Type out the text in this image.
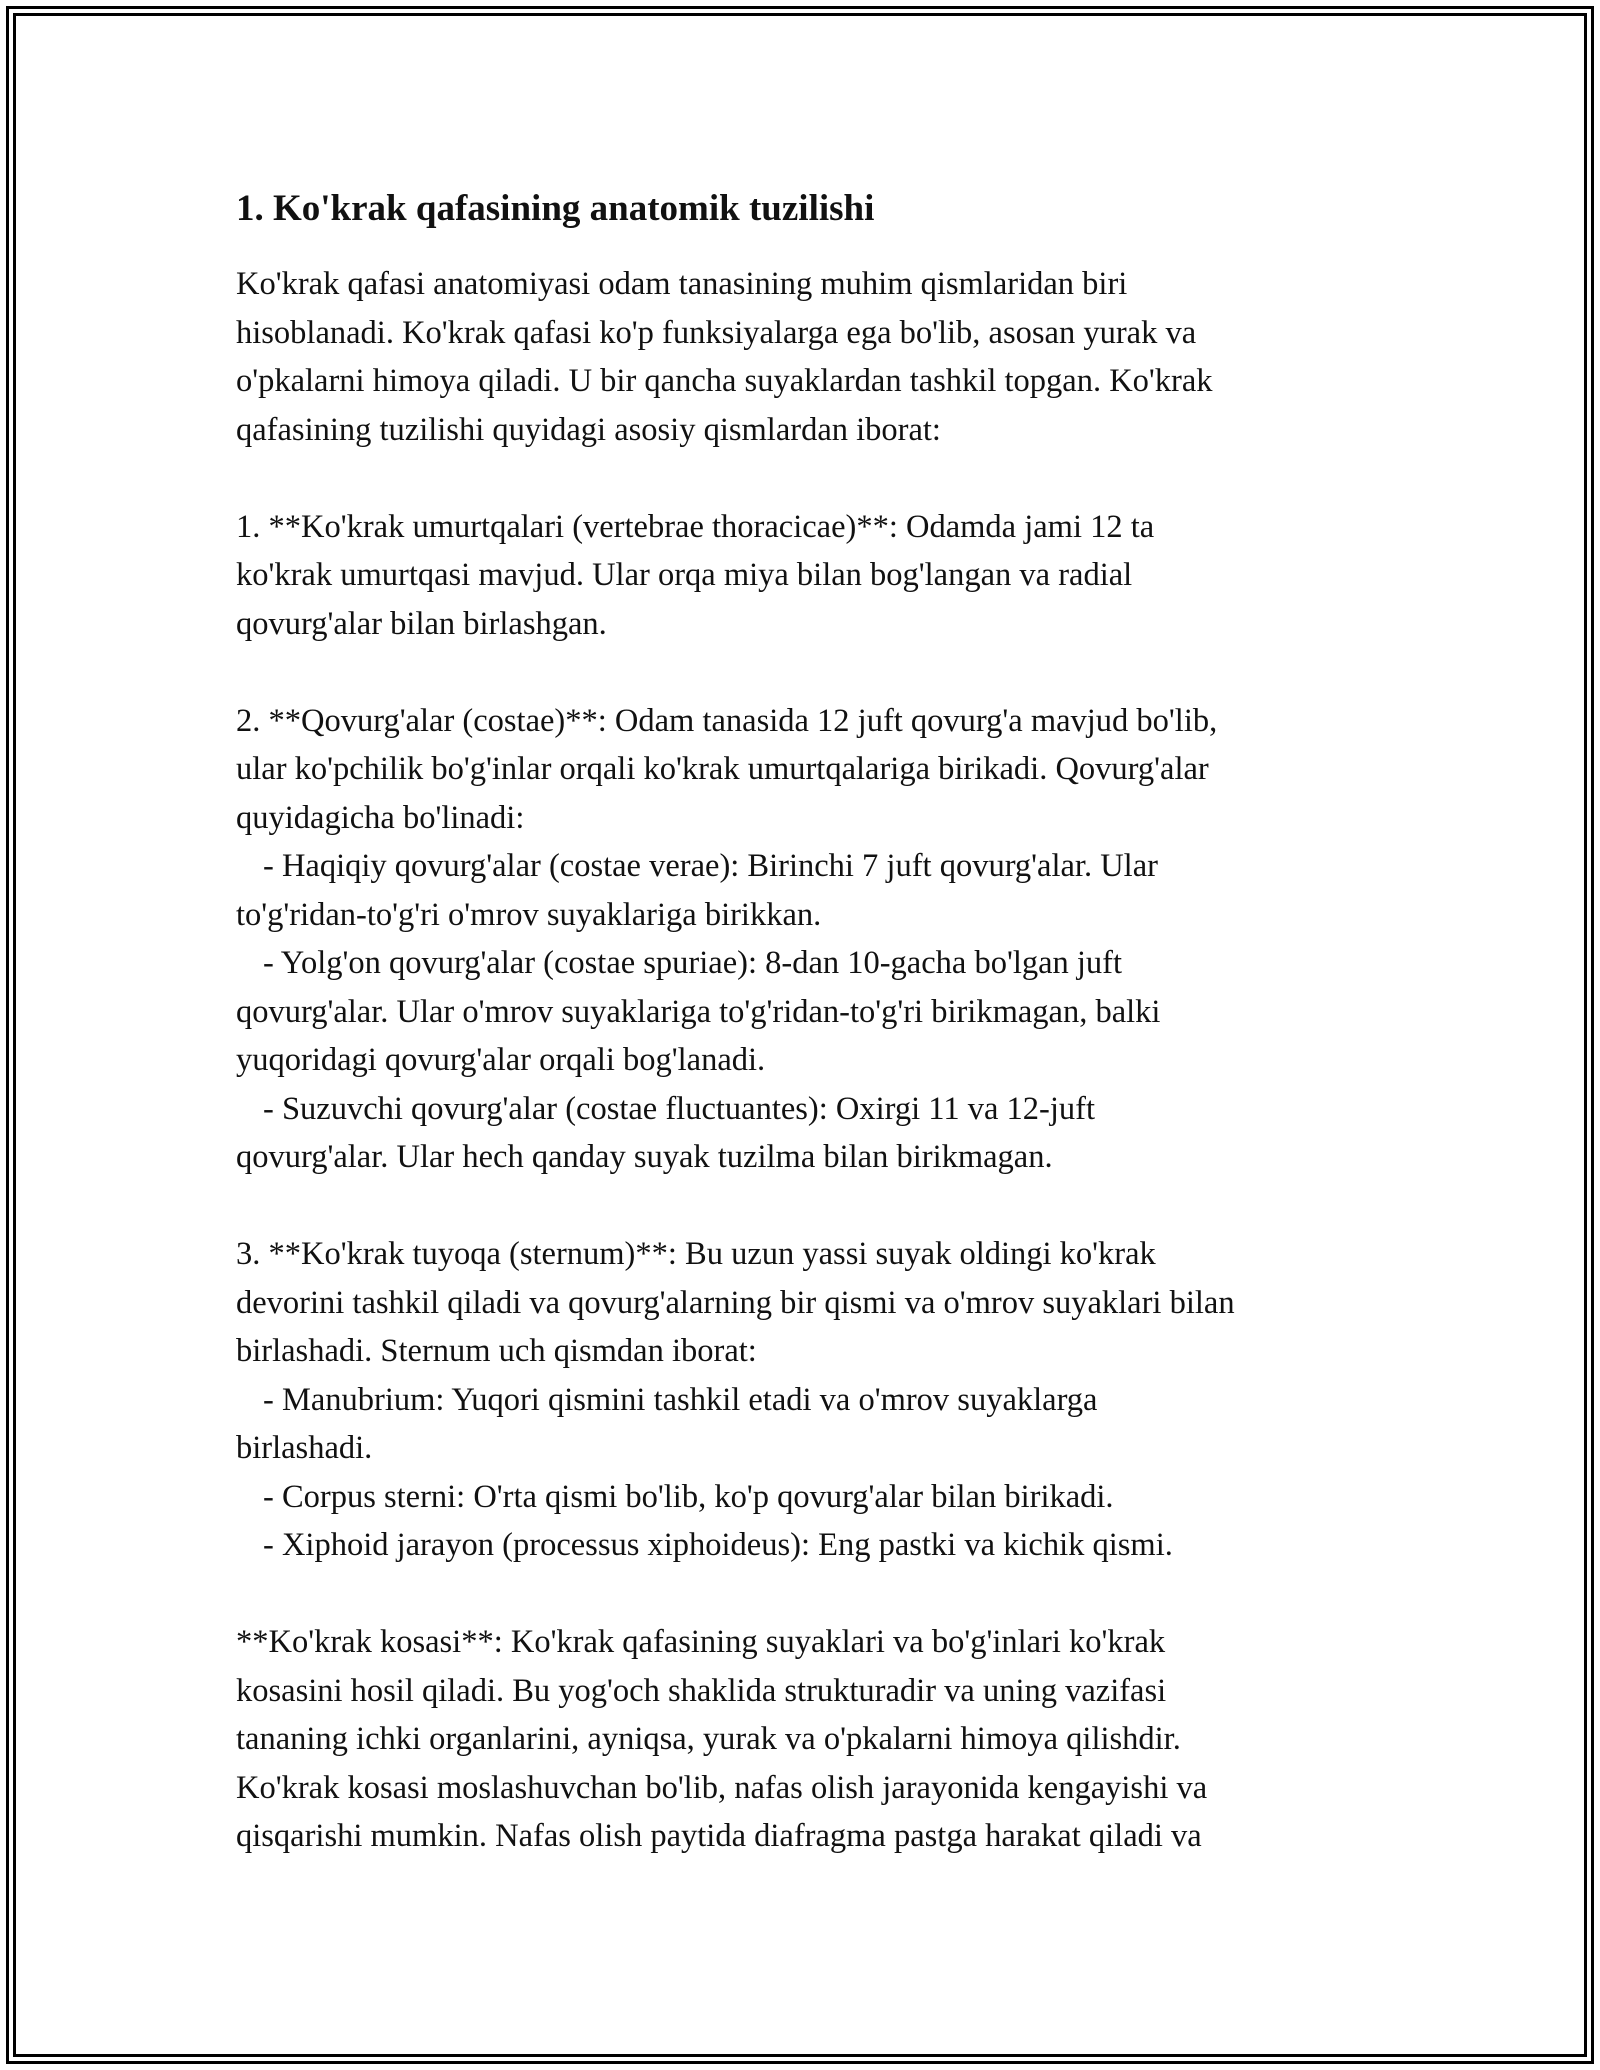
1. Ko'krak qafasining anatomik tuzilishi

Ko'krak qafasi anatomiyasi odam tanasining muhim qismlaridan biri

hisoblanadi. Ko'krak qafasi ko'p funksiyalarga ega bo'lib, asosan yurak va

o'pkalarni himoya qiladi. U bir qancha suyaklardan tashkil topgan. Ko'krak

qafasining tuzilishi quyidagi asosiy qismlardan iborat:

1. **Ko'krak umurtqalari (vertebrae thoracicae)**: Odamda jami 12 ta

ko'krak umurtqasi mavjud. Ular orqa miya bilan bog'langan va radial

qovurg'alar bilan birlashgan.

2. **Qovurg'alar (costae)**: Odam tanasida 12 juft qovurg'a mavjud bo'lib,

ular ko'pchilik bo'g'inlar orqali ko'krak umurtqalariga birikadi. Qovurg'alar

quyidagicha bo'linadi:

- Haqiqiy qovurg'alar (costae verae): Birinchi 7 juft qovurg'alar. Ular

to'g'ridan-to'g'ri o'mrov suyaklariga birikkan.

- Yolg'on qovurg'alar (costae spuriae): 8-dan 10-gacha bo'lgan juft

qovurg'alar. Ular o'mrov suyaklariga to'g'ridan-to'g'ri birikmagan, balki

yuqoridagi qovurg'alar orqali bog'lanadi.

- Suzuvchi qovurg'alar (costae fluctuantes): Oxirgi 11 va 12-juft

qovurg'alar. Ular hech qanday suyak tuzilma bilan birikmagan.

3. **Ko'krak tuyoqa (sternum)**: Bu uzun yassi suyak oldingi ko'krak

devorini tashkil qiladi va qovurg'alarning bir qismi va o'mrov suyaklari bilan

birlashadi. Sternum uch qismdan iborat:

- Manubrium: Yuqori qismini tashkil etadi va o'mrov suyaklarga

birlashadi.

- Corpus sterni: O'rta qismi bo'lib, ko'p qovurg'alar bilan birikadi.

- Xiphoid jarayon (processus xiphoideus): Eng pastki va kichik qismi.

**Ko'krak kosasi**: Ko'krak qafasining suyaklari va bo'g'inlari ko'krak

kosasini hosil qiladi. Bu yog'och shaklida strukturadir va uning vazifasi

tananing ichki organlarini, ayniqsa, yurak va o'pkalarni himoya qilishdir.

Ko'krak kosasi moslashuvchan bo'lib, nafas olish jarayonida kengayishi va

qisqarishi mumkin. Nafas olish paytida diafragma pastga harakat qiladi va
